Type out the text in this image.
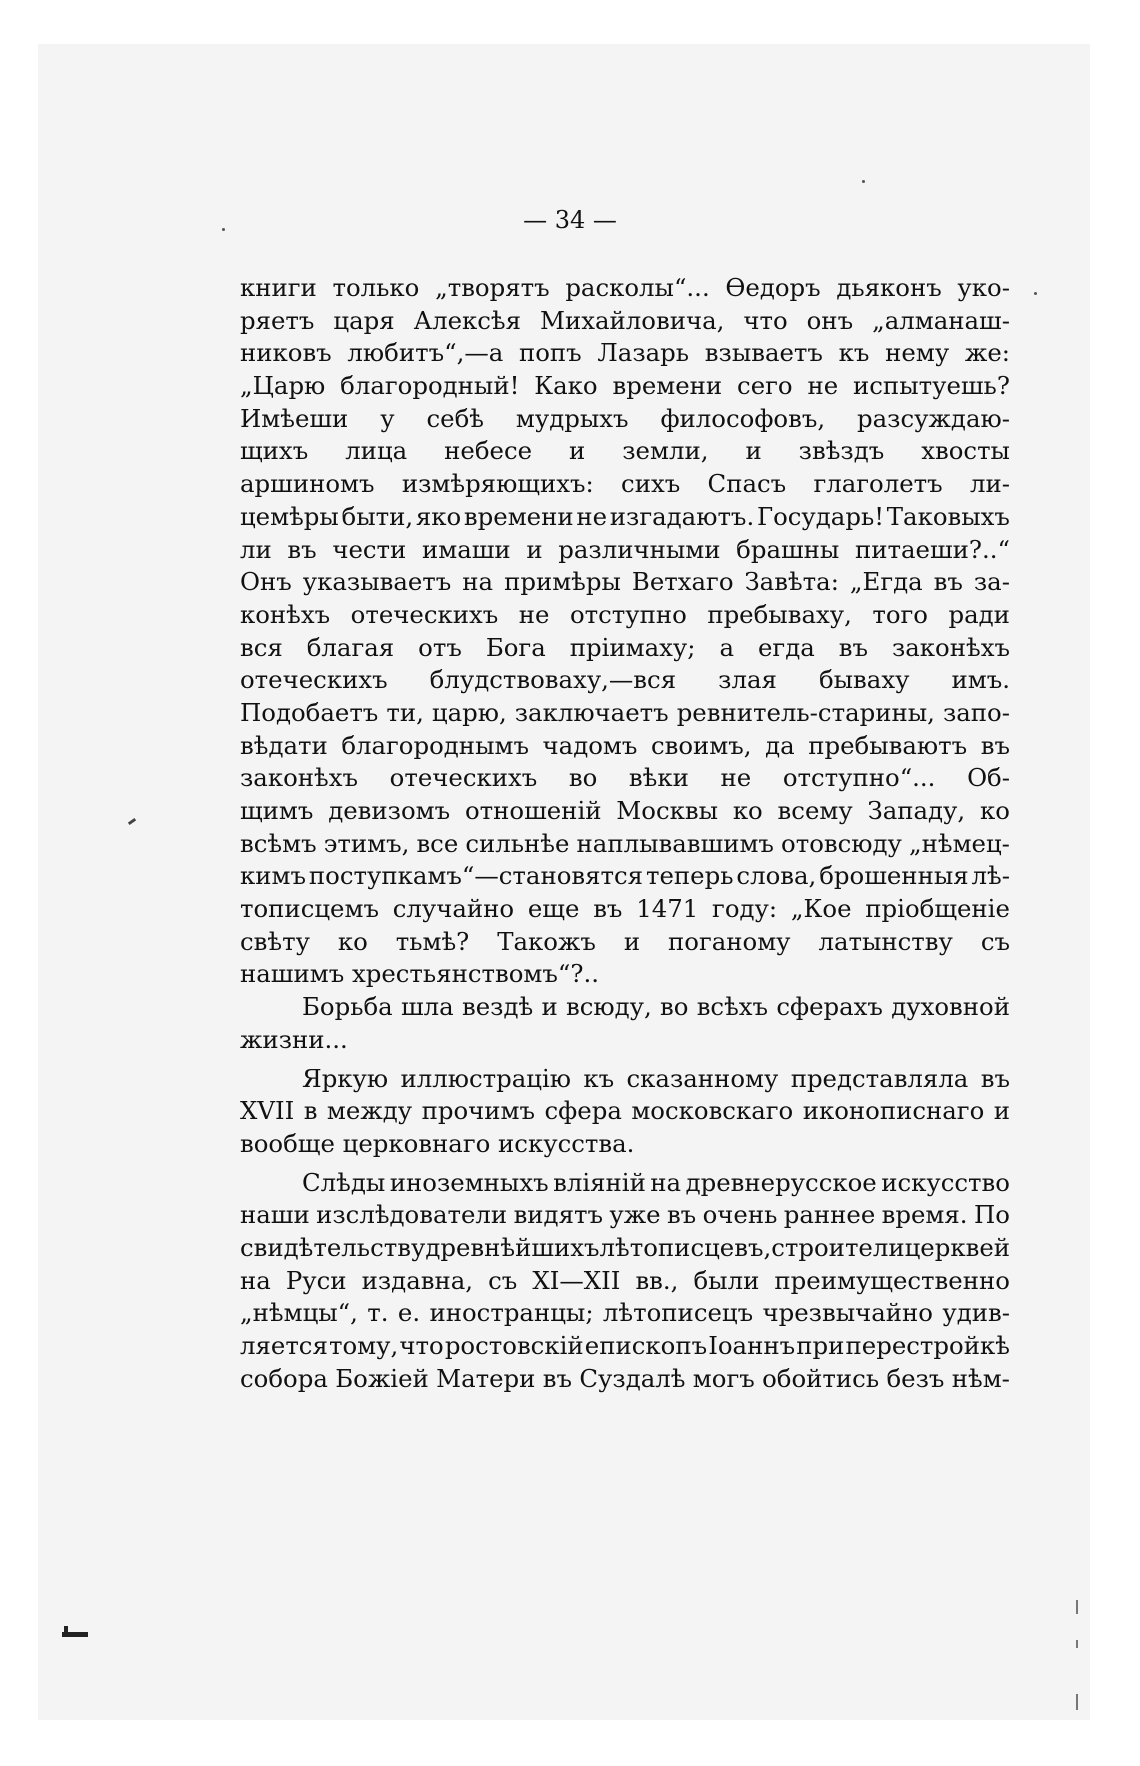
— 34 —
книги только „творятъ расколы“... Өедоръ дьяконъ уко-
ряетъ царя Алексѣя Михайловича, что онъ „алманаш-
никовъ любитъ“,—а попъ Лазарь взываетъ къ нему же:
„Царю благородный! Како времени сего не испытуешь?
Имѣеши у себѣ мудрыхъ философовъ, разсуждаю-
щихъ лица небесе и земли, и звѣздъ хвосты
аршиномъ измѣряющихъ: сихъ Спасъ глаголетъ ли-
цемѣры быти, яко времени не изгадаютъ. Государь! Таковыхъ
ли въ чести имаши и различными брашны питаеши?..“
Онъ указываетъ на примѣры Ветхаго Завѣта: „Егда въ за-
конѣхъ отеческихъ не отступно пребываху, того ради
вся благая отъ Бога пріимаху; а егда въ законѣхъ
отеческихъ блудствоваху,—вся злая бываху имъ.
Подобаетъ ти, царю, заключаетъ ревнитель-старины, запо-
вѣдати благороднымъ чадомъ своимъ, да пребываютъ въ
законѣхъ отеческихъ во вѣки не отступно“... Об-
щимъ девизомъ отношеній Москвы ко всему Западу, ко
всѣмъ этимъ, все сильнѣе наплывавшимъ отовсюду „нѣмец-
кимъ поступкамъ“—становятся теперь слова, брошенныя лѣ-
тописцемъ случайно еще въ 1471 году: „Кое пріобщеніе
свѣту ко тьмѣ? Такожъ и поганому латынству съ
нашимъ хрестьянствомъ“?..
Борьба шла вездѣ и всюду, во всѣхъ сферахъ духовной
жизни...
Яркую иллюстрацію къ сказанному представляла въ
XVII в между прочимъ сфера московскаго иконописнаго и
вообще церковнаго искусства.
Слѣды иноземныхъ вліяній на древнерусское искусство
наши изслѣдователи видятъ уже въ очень раннее время. По
свидѣтельству древнѣйшихъ лѣтописцевъ, строители церквей
на Руси издавна, съ XI—XII вв., были преимущественно
„нѣмцы“, т. е. иностранцы; лѣтописецъ чрезвычайно удив-
ляется тому, что ростовскій епископъ Іоаннъ при перестройкѣ
собора Божіей Матери въ Суздалѣ могъ обойтись безъ нѣм-
